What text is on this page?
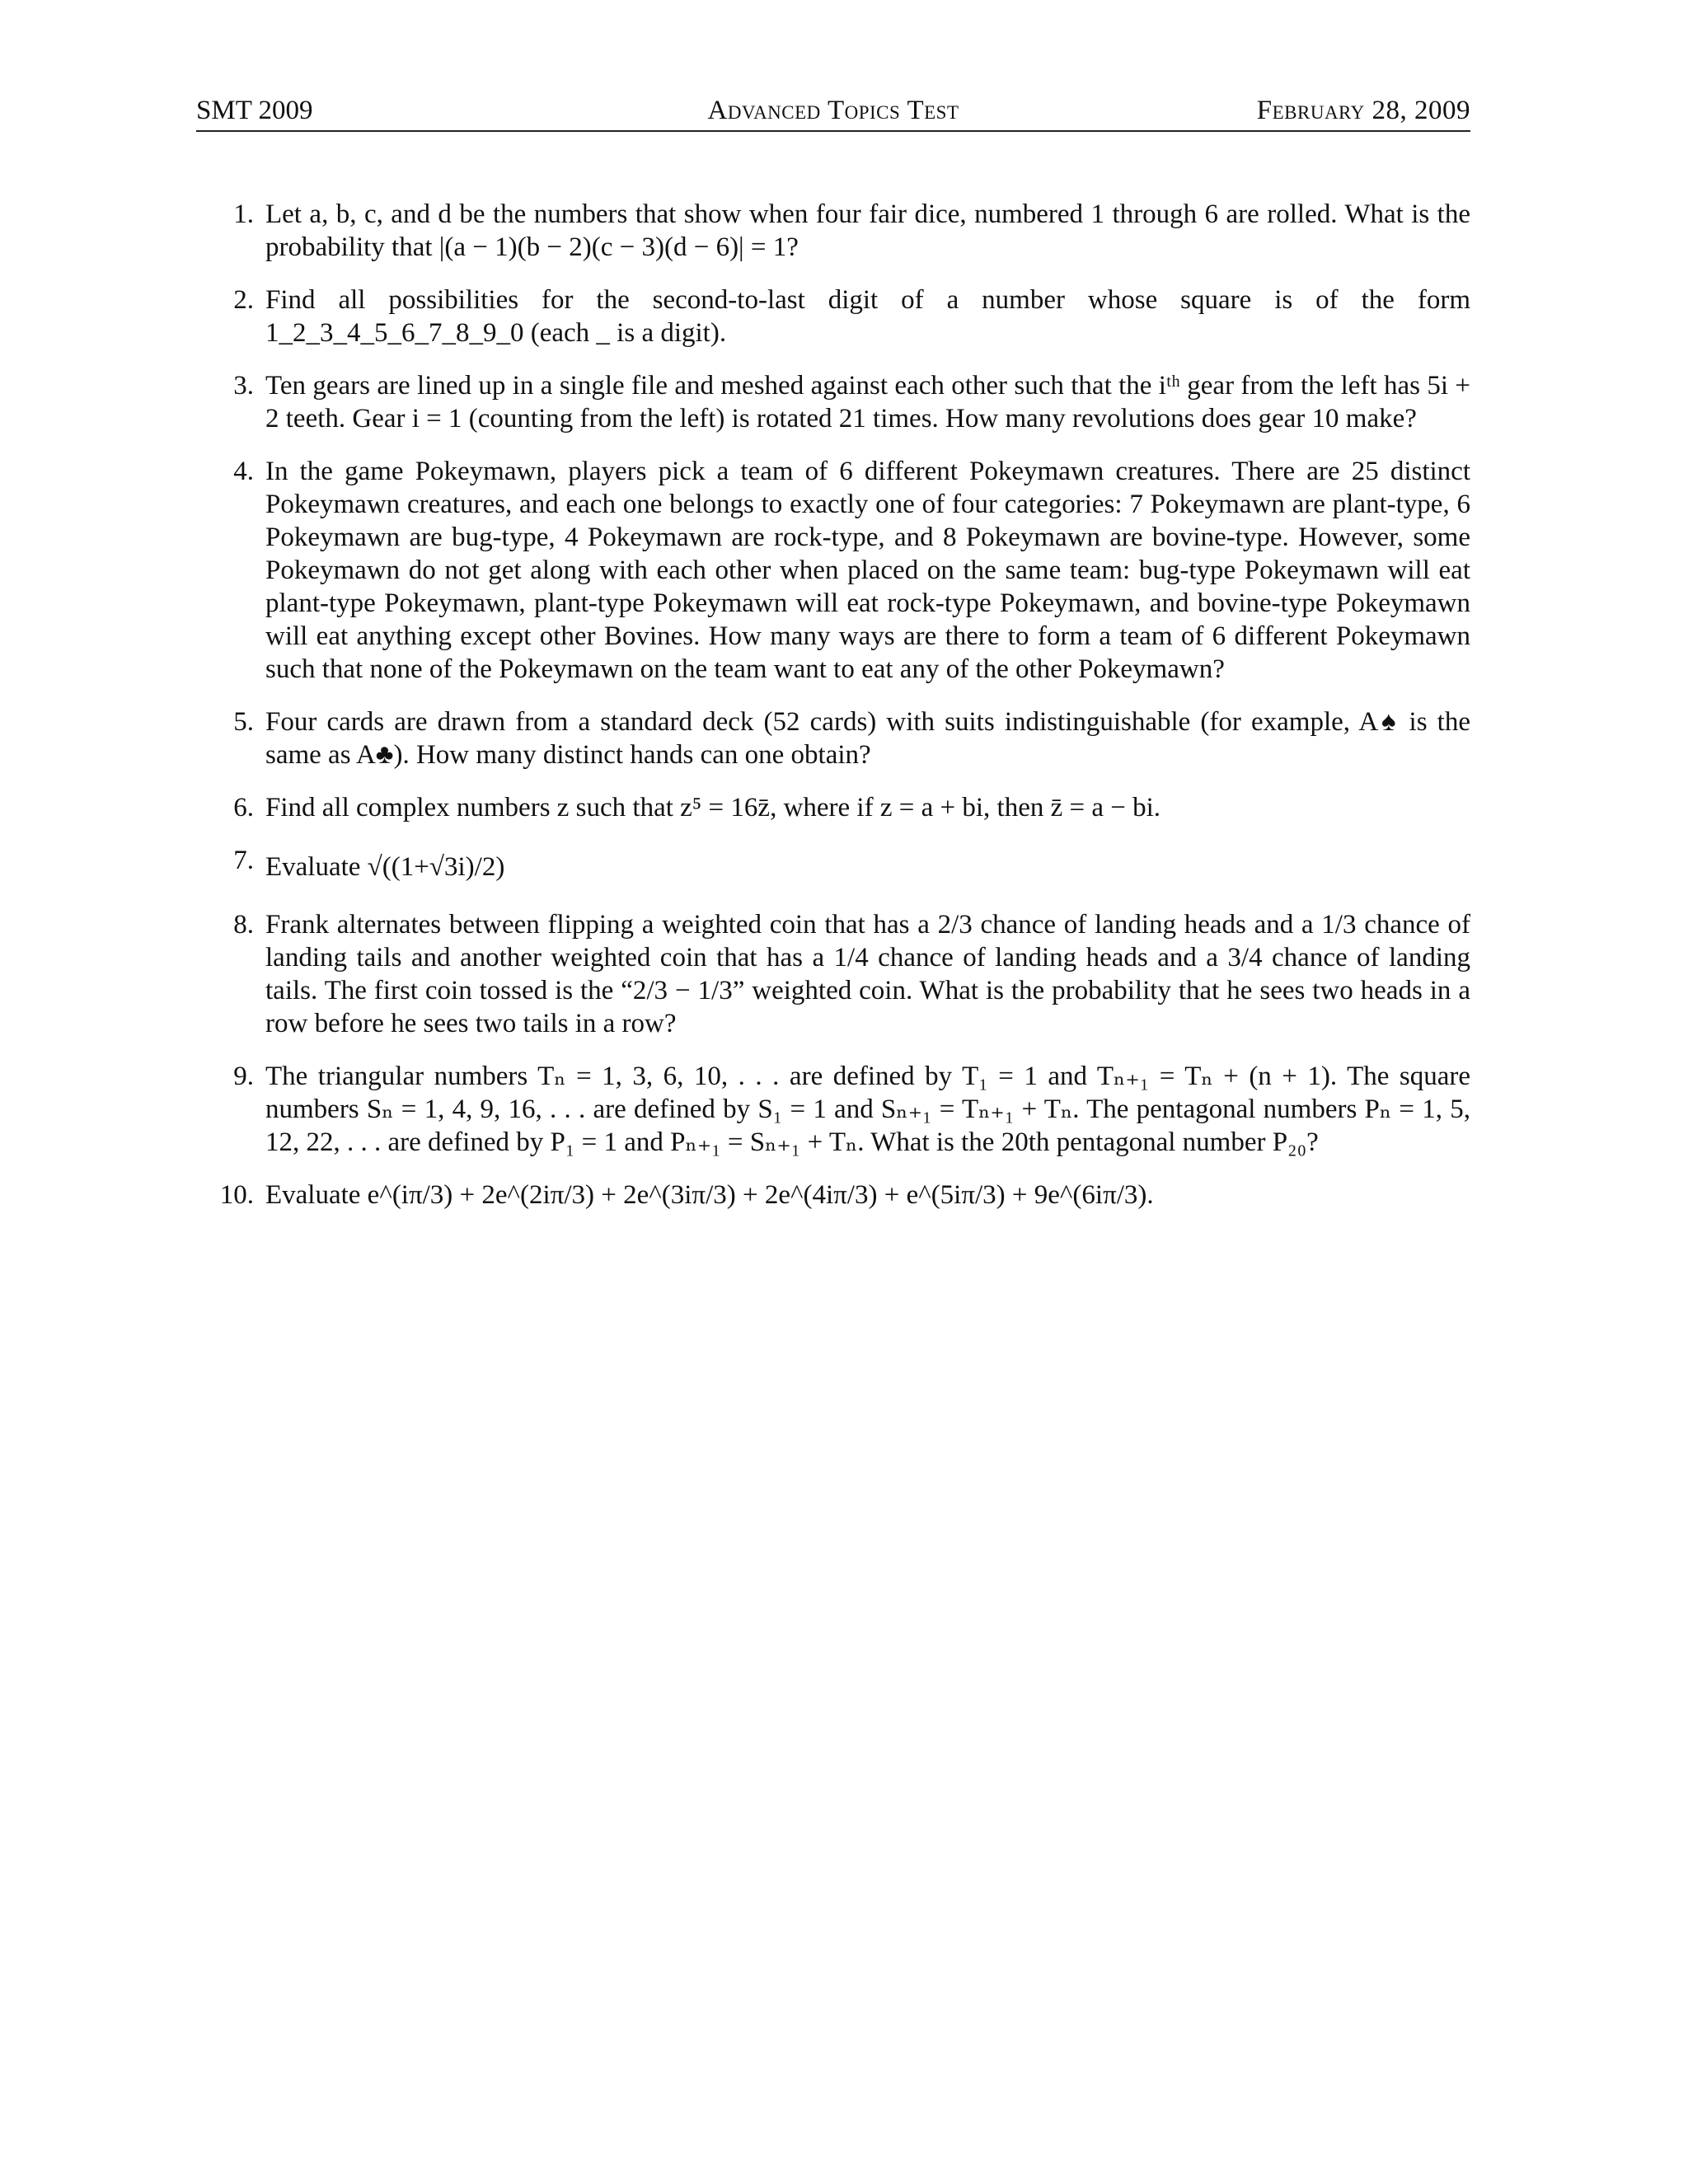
SMT 2009	Advanced Topics Test	February 28, 2009
1. Let a, b, c, and d be the numbers that show when four fair dice, numbered 1 through 6 are rolled. What is the probability that |(a − 1)(b − 2)(c − 3)(d − 6)| = 1?
2. Find all possibilities for the second-to-last digit of a number whose square is of the form 1_2_3_4_5_6_7_8_9_0 (each _ is a digit).
3. Ten gears are lined up in a single file and meshed against each other such that the iᵗʰ gear from the left has 5i + 2 teeth. Gear i = 1 (counting from the left) is rotated 21 times. How many revolutions does gear 10 make?
4. In the game Pokeymawn, players pick a team of 6 different Pokeymawn creatures. There are 25 distinct Pokeymawn creatures, and each one belongs to exactly one of four categories: 7 Pokeymawn are plant-type, 6 Pokeymawn are bug-type, 4 Pokeymawn are rock-type, and 8 Pokeymawn are bovine-type. However, some Pokeymawn do not get along with each other when placed on the same team: bug-type Pokeymawn will eat plant-type Pokeymawn, plant-type Pokeymawn will eat rock-type Pokeymawn, and bovine-type Pokeymawn will eat anything except other Bovines. How many ways are there to form a team of 6 different Pokeymawn such that none of the Pokeymawn on the team want to eat any of the other Pokeymawn?
5. Four cards are drawn from a standard deck (52 cards) with suits indistinguishable (for example, A♠ is the same as A♣). How many distinct hands can one obtain?
6. Find all complex numbers z such that z⁵ = 16z̄, where if z = a + bi, then z̄ = a − bi.
7. Evaluate √((1+√3i)/2)
8. Frank alternates between flipping a weighted coin that has a 2/3 chance of landing heads and a 1/3 chance of landing tails and another weighted coin that has a 1/4 chance of landing heads and a 3/4 chance of landing tails. The first coin tossed is the “2/3 − 1/3” weighted coin. What is the probability that he sees two heads in a row before he sees two tails in a row?
9. The triangular numbers Tₙ = 1, 3, 6, 10, . . . are defined by T₁ = 1 and Tₙ₊₁ = Tₙ + (n + 1). The square numbers Sₙ = 1, 4, 9, 16, . . . are defined by S₁ = 1 and Sₙ₊₁ = Tₙ₊₁ + Tₙ. The pentagonal numbers Pₙ = 1, 5, 12, 22, . . . are defined by P₁ = 1 and Pₙ₊₁ = Sₙ₊₁ + Tₙ. What is the 20th pentagonal number P₂₀?
10. Evaluate e^(iπ/3) + 2e^(2iπ/3) + 2e^(3iπ/3) + 2e^(4iπ/3) + e^(5iπ/3) + 9e^(6iπ/3).
